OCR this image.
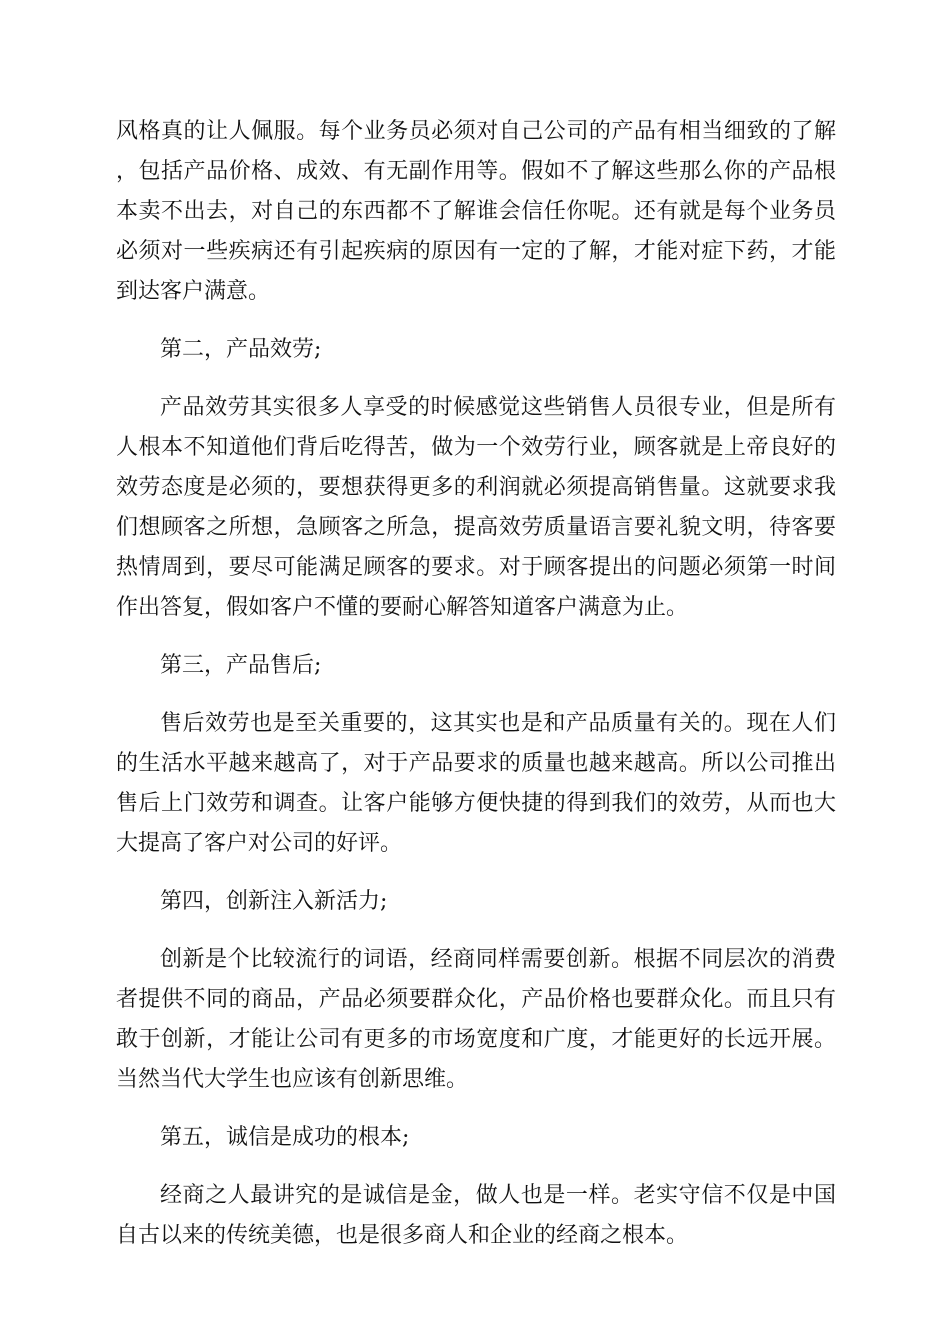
风格真的让人佩服。每个业务员必须对自己公司的产品有相当细致的了解，包括产品价格、成效、有无副作用等。假如不了解这些那么你的产品根本卖不出去，对自己的东西都不了解谁会信任你呢。还有就是每个业务员必须对一些疾病还有引起疾病的原因有一定的了解，才能对症下药，才能到达客户满意。

第二，产品效劳;

产品效劳其实很多人享受的时候感觉这些销售人员很专业，但是所有人根本不知道他们背后吃得苦，做为一个效劳行业，顾客就是上帝良好的效劳态度是必须的，要想获得更多的利润就必须提高销售量。这就要求我们想顾客之所想，急顾客之所急，提高效劳质量语言要礼貌文明，待客要热情周到，要尽可能满足顾客的要求。对于顾客提出的问题必须第一时间作出答复，假如客户不懂的要耐心解答知道客户满意为止。

第三，产品售后;

售后效劳也是至关重要的，这其实也是和产品质量有关的。现在人们的生活水平越来越高了，对于产品要求的质量也越来越高。所以公司推出售后上门效劳和调查。让客户能够方便快捷的得到我们的效劳，从而也大大提高了客户对公司的好评。

第四，创新注入新活力;

创新是个比较流行的词语，经商同样需要创新。根据不同层次的消费者提供不同的商品，产品必须要群众化，产品价格也要群众化。而且只有敢于创新，才能让公司有更多的市场宽度和广度，才能更好的长远开展。当然当代大学生也应该有创新思维。

第五，诚信是成功的根本;

经商之人最讲究的是诚信是金，做人也是一样。老实守信不仅是中国自古以来的传统美德，也是很多商人和企业的经商之根本。
